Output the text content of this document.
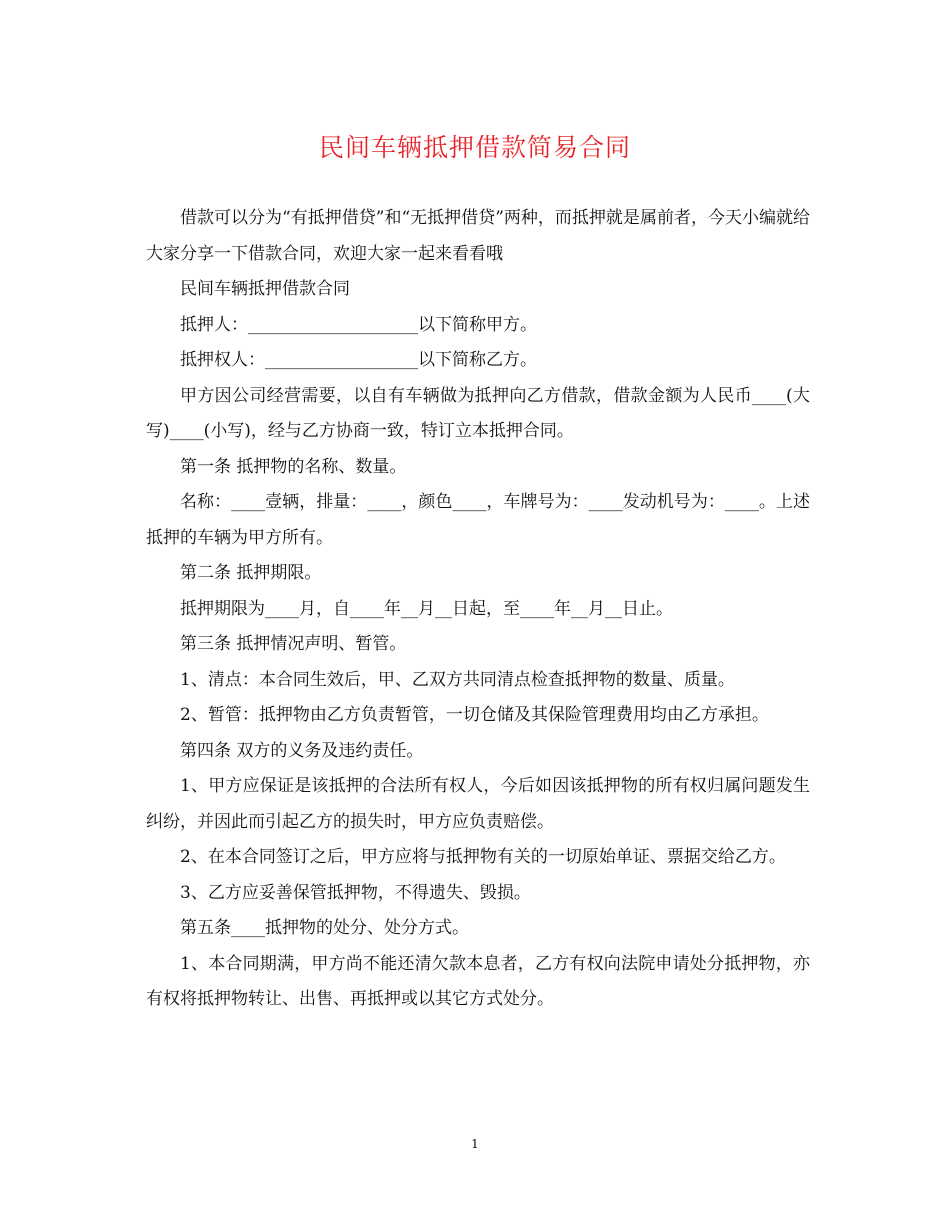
民间车辆抵押借款简易合同

借款可以分为“有抵押借贷”和“无抵押借贷”两种，而抵押就是属前者，今天小编就给大家分享一下借款合同，欢迎大家一起来看看哦

民间车辆抵押借款合同

抵押人：____________________以下简称甲方。

抵押权人：__________________以下简称乙方。

甲方因公司经营需要，以自有车辆做为抵押向乙方借款，借款金额为人民币____(大写)____(小写)，经与乙方协商一致，特订立本抵押合同。

第一条 抵押物的名称、数量。

名称：____壹辆，排量：____，颜色____，车牌号为：____发动机号为：____。上述抵押的车辆为甲方所有。

第二条 抵押期限。

抵押期限为____月，自____年__月__日起，至____年__月__日止。

第三条 抵押情况声明、暂管。

1、清点：本合同生效后，甲、乙双方共同清点检查抵押物的数量、质量。

2、暂管：抵押物由乙方负责暂管，一切仓储及其保险管理费用均由乙方承担。

第四条 双方的义务及违约责任。

1、甲方应保证是该抵押的合法所有权人，今后如因该抵押物的所有权归属问题发生纠纷，并因此而引起乙方的损失时，甲方应负责赔偿。

2、在本合同签订之后，甲方应将与抵押物有关的一切原始单证、票据交给乙方。

3、乙方应妥善保管抵押物，不得遗失、毁损。

第五条____抵押物的处分、处分方式。

1、本合同期满，甲方尚不能还清欠款本息者，乙方有权向法院申请处分抵押物，亦有权将抵押物转让、出售、再抵押或以其它方式处分。

1
